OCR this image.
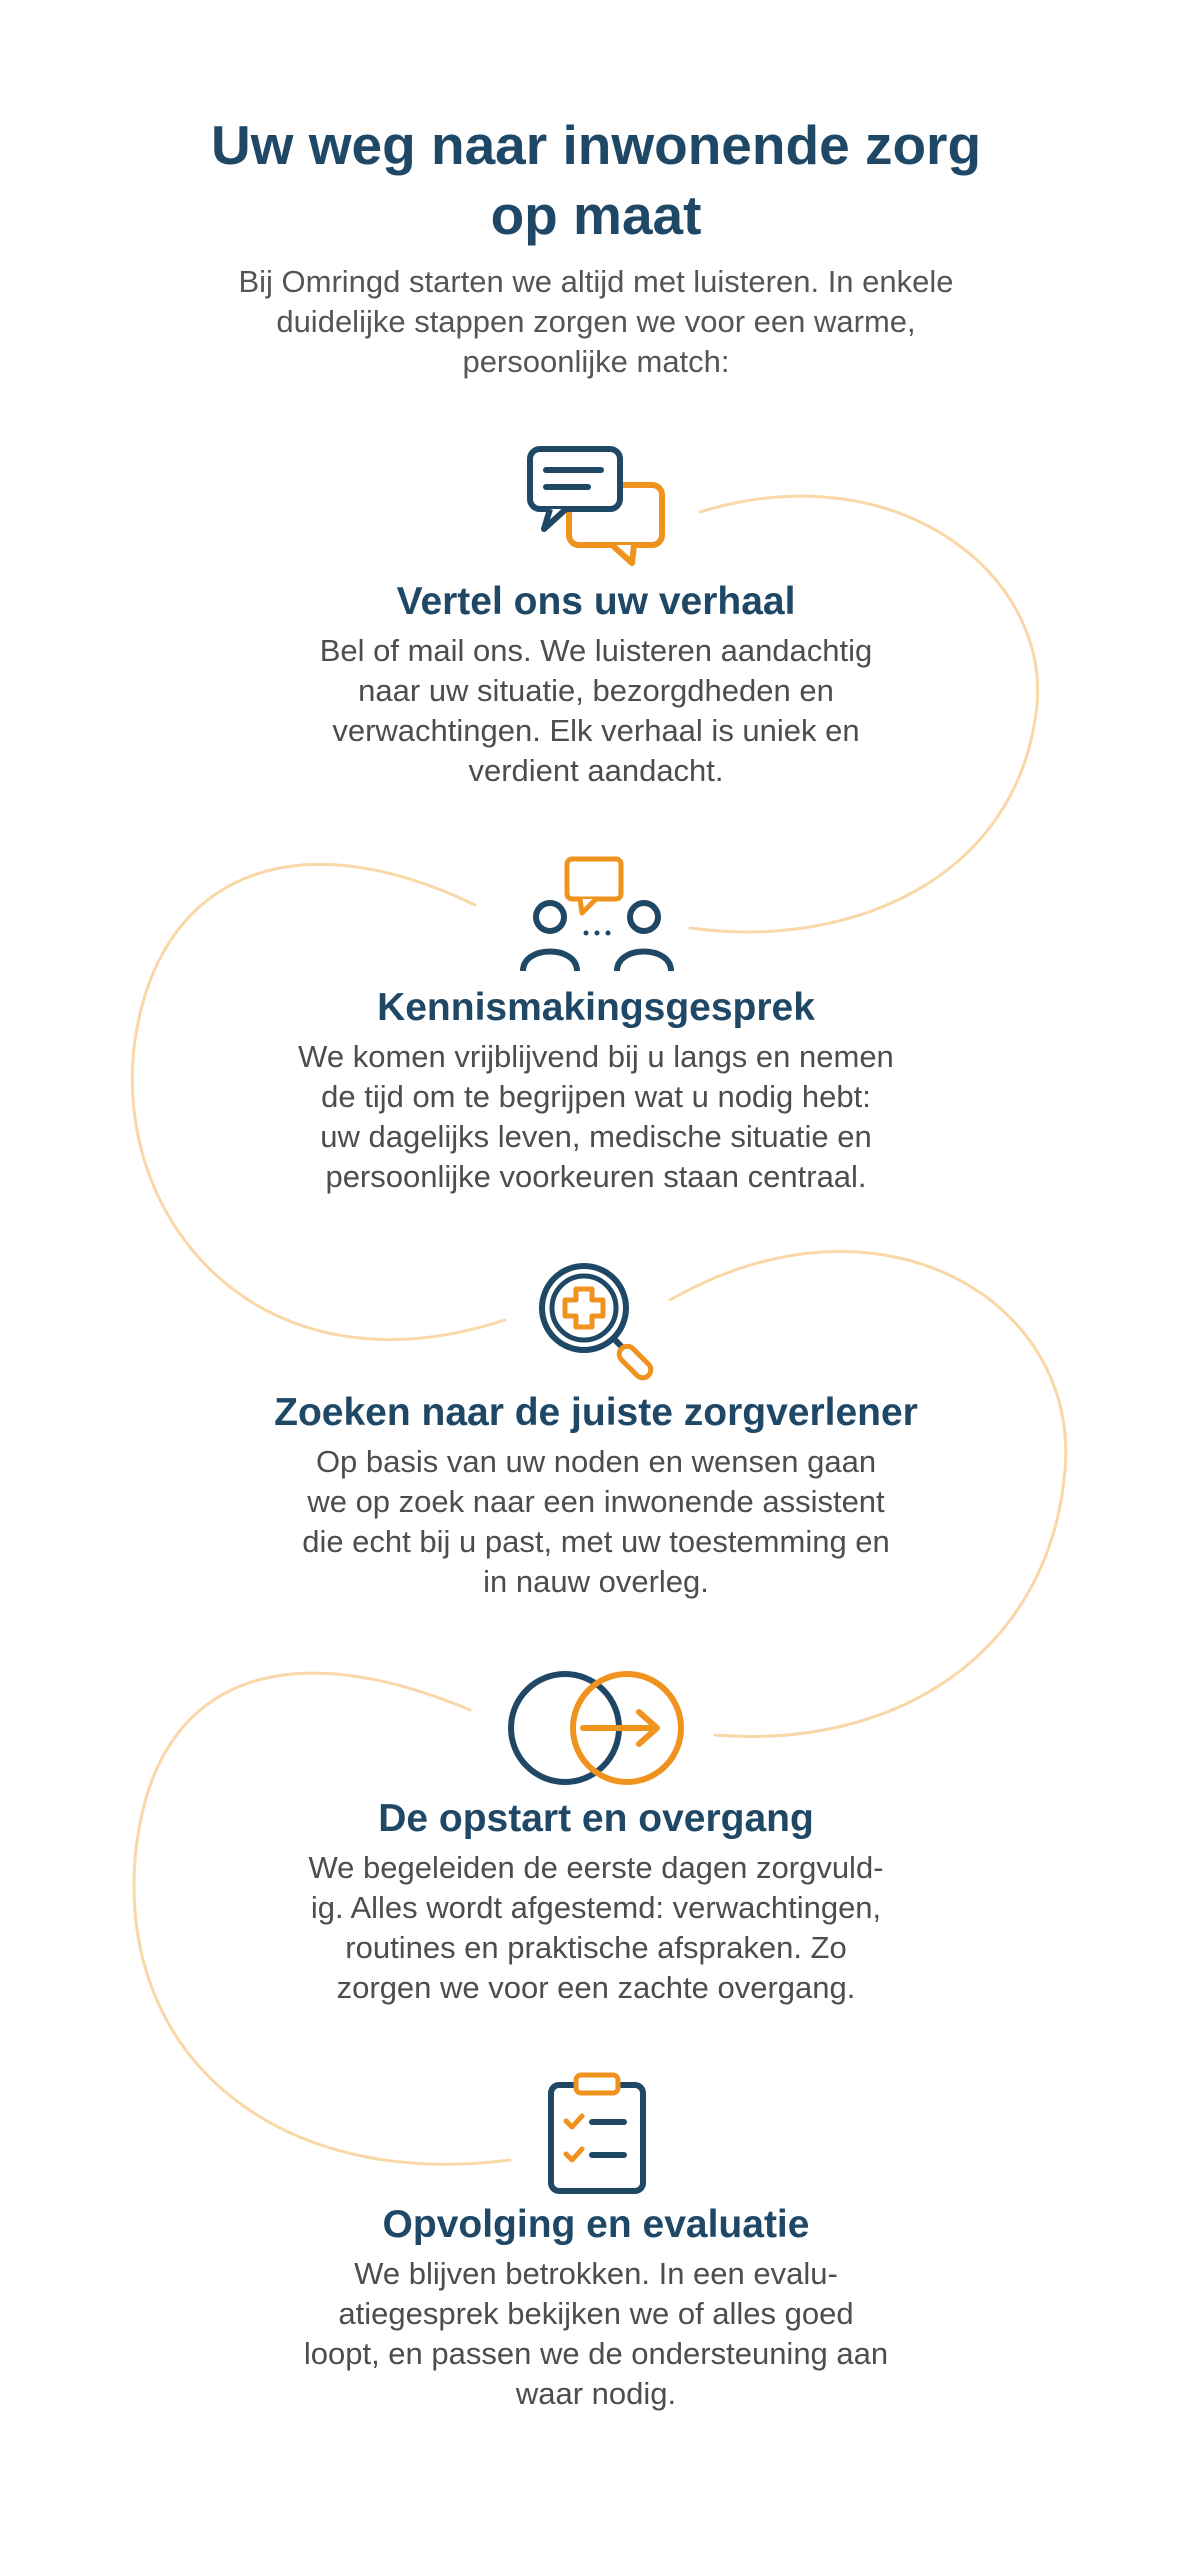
Uw weg naar inwonende zorg op maat

Bij Omringd starten we altijd met luisteren. In enkele duidelijke stappen zorgen we voor een warme, persoonlijke match:

Vertel ons uw verhaal

Bel of mail ons. We luisteren aandachtig
naar uw situatie, bezorgdheden en
verwachtingen. Elk verhaal is uniek en
verdient aandacht.

Kennismakingsgesprek

We komen vrijblijvend bij u langs en nemen
de tijd om te begrijpen wat u nodig hebt:
uw dagelijks leven, medische situatie en
persoonlijke voorkeuren staan centraal.

Zoeken naar de juiste zorgverlener

Op basis van uw noden en wensen gaan
we op zoek naar een inwonende assistent
die echt bij u past, met uw toestemming en
in nauw overleg.

De opstart en overgang

We begeleiden de eerste dagen zorgvuld-
ig. Alles wordt afgestemd: verwachtingen,
routines en praktische afspraken. Zo
zorgen we voor een zachte overgang.

Opvolging en evaluatie

We blijven betrokken. In een evalu-
atiegesprek bekijken we of alles goed
loopt, en passen we de ondersteuning aan
waar nodig.
